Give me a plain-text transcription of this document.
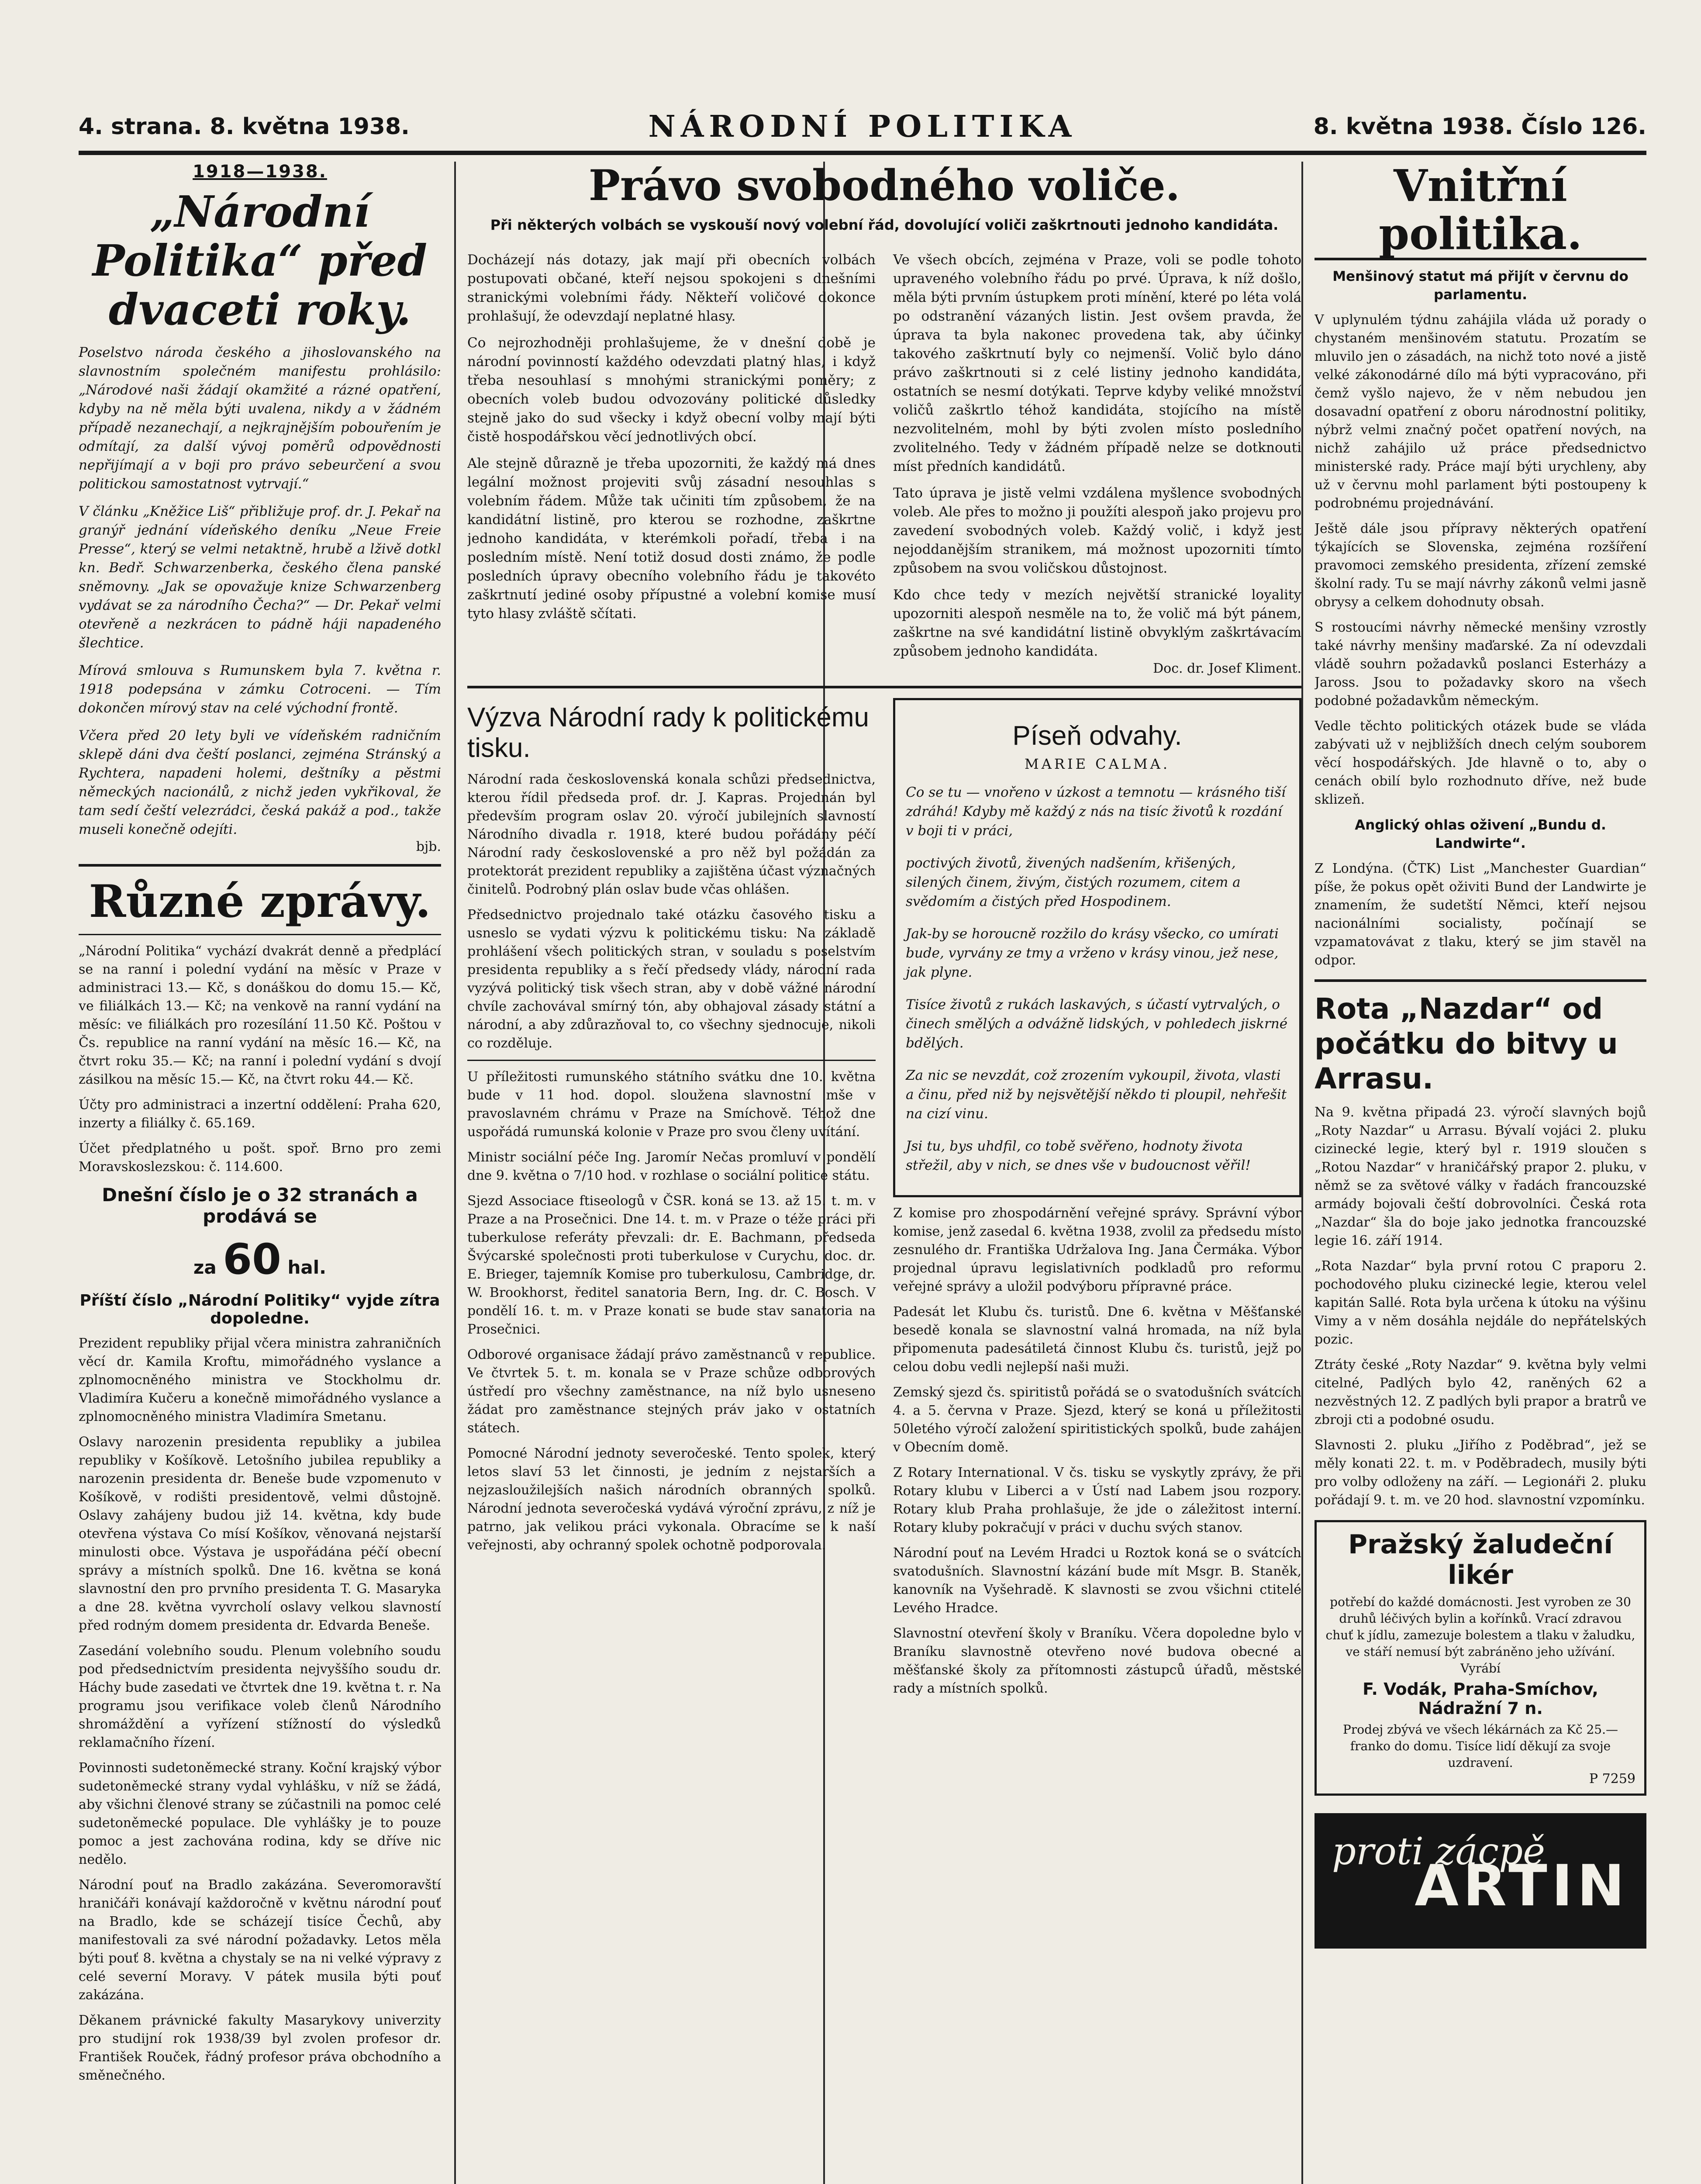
4. strana. 8. května 1938.	NÁRODNÍ POLITIKA	8. května 1938. Číslo 126.
1918—1938.
„Národní Politika“ před dvaceti roky.
Poselstvo národa českého a jihoslovanského na slavnostním společném manifestu prohlásilo: „Národové naši žádají okamžité a rázné opatření, kdyby na ně měla býti uvalena, nikdy a v žádném případě nezanechají, a nejkrajnějším pobouřením je odmítají, za další vývoj poměrů odpovědnosti nepřijímají a v boji pro právo sebeurčení a svou politickou samostatnost vytrvají.“
V článku „Kněžice Liš“ přibližuje prof. dr. J. Pekař na granýř jednání vídeňského deníku „Neue Freie Presse“, který se velmi netaktně, hrubě a lživě dotkl kn. Bedř. Schwarzenberka, českého člena panské sněmovny. „Jak se opovažuje knize Schwarzenberg vydávat se za národního Čecha?“ — Dr. Pekař velmi otevřeně a nezkrácen to pádně háji napadeného šlechtice.
Mírová smlouva s Rumunskem byla 7. května r. 1918 podepsána v zámku Cotroceni. — Tím dokončen mírový stav na celé východní frontě.
Včera před 20 lety byli ve vídeňském radničním sklepě dáni dva čeští poslanci, zejména Stránský a Rychtera, napadeni holemi, deštníky a pěstmi německých nacionálů, z nichž jeden vykřikoval, že tam sedí čeští velezrádci, česká pakáž a pod., takže museli konečně odejíti.
bjb.
Různé zprávy.
„Národní Politika“ vychází dvakrát denně a předplácí se na ranní i polední vydání na měsíc v Praze v administraci 13.— Kč, s donáškou do domu 15.— Kč, ve filiálkách 13.— Kč; na venkově na ranní vydání na měsíc: ve filiálkách pro rozesílání 11.50 Kč. Poštou v Čs. republice na ranní vydání na měsíc 16.— Kč, na čtvrt roku 35.— Kč; na ranní i polední vydání s dvojí zásilkou na měsíc 15.— Kč, na čtvrt roku 44.— Kč.
Účty pro administraci a inzertní oddělení: Praha 620, inzerty a filiálky č. 65.169.
Účet předplatného u pošt. spoř. Brno pro zemi Moravskoslezskou: č. 114.600.
Dnešní číslo je o 32 stranách a prodává se
za 60 hal.
Příští číslo „Národní Politiky“ vyjde zítra dopoledne.
Prezident republiky přijal včera ministra zahraničních věcí dr. Kamila Kroftu, mimořádného vyslance a zplnomocněného ministra ve Stockholmu dr. Vladimíra Kučeru a konečně mimořádného vyslance a zplnomocněného ministra Vladimíra Smetanu.
Oslavy narozenin presidenta republiky a jubilea republiky v Košíkově. Letošního jubilea republiky a narozenin presidenta dr. Beneše bude vzpomenuto v Košíkově, v rodišti presidentově, velmi důstojně. Oslavy zahájeny budou již 14. května, kdy bude otevřena výstava Co mísí Košíkov, věnovaná nejstarší minulosti obce. Výstava je uspořádána péčí obecní správy a místních spolků. Dne 16. května se koná slavnostní den pro prvního presidenta T. G. Masaryka a dne 28. května vyvrcholí oslavy velkou slavností před rodným domem presidenta dr. Edvarda Beneše.
Zasedání volebního soudu. Plenum volebního soudu pod předsednictvím presidenta nejvyššího soudu dr. Háchy bude zasedati ve čtvrtek dne 19. května t. r. Na programu jsou verifikace voleb členů Národního shromáždění a vyřízení stížností do výsledků reklamačního řízení.
Povinnosti sudetoněmecké strany. Koční krajský výbor sudetoněmecké strany vydal vyhlášku, v níž se žádá, aby všichni členové strany se zúčastnili na pomoc celé sudetoněmecké populace. Dle vyhlášky je to pouze pomoc a jest zachována rodina, kdy se dříve nic nedělo.
Národní pouť na Bradlo zakázána. Severomoravští hraničáři konávají každoročně v květnu národní pouť na Bradlo, kde se scházejí tisíce Čechů, aby manifestovali za své národní požadavky. Letos měla býti pouť 8. května a chystaly se na ni velké výpravy z celé severní Moravy. V pátek musila býti pouť zakázána.
Děkanem právnické fakulty Masarykovy univerzity pro studijní rok 1938/39 byl zvolen profesor dr. František Rouček, řádný profesor práva obchodního a směnečného.
Právo svobodného voliče.
Při některých volbách se vyskouší nový volební řád, dovolující voliči zaškrtnouti jednoho kandidáta.
Docházejí nás dotazy, jak mají při obecních volbách postupovati občané, kteří nejsou spokojeni s dnešními stranickými volebními řády. Někteří voličové dokonce prohlašují, že odevzdají neplatné hlasy.
Co nejrozhodněji prohlašujeme, že v dnešní době je národní povinností každého odevzdati platný hlas, i když třeba nesouhlasí s mnohými stranickými poměry; z obecních voleb budou odvozovány politické důsledky stejně jako do sud všecky i když obecní volby mají býti čistě hospodářskou věcí jednotlivých obcí.
Ale stejně důrazně je třeba upozorniti, že každý má dnes legální možnost projeviti svůj zásadní nesouhlas s volebním řádem. Může tak učiniti tím způsobem, že na kandidátní listině, pro kterou se rozhodne, zaškrtne jednoho kandidáta, v kterémkoli pořadí, třeba i na posledním místě. Není totiž dosud dosti známo, že podle posledních úpravy obecního volebního řádu je takovéto zaškrtnutí jediné osoby přípustné a volební komise musí tyto hlasy zvláště sčítati.
Ve všech obcích, zejména v Praze, voli se podle tohoto upraveného volebního řádu po prvé. Úprava, k níž došlo, měla býti prvním ústupkem proti mínění, které po léta volá po odstranění vázaných listin. Jest ovšem pravda, že úprava ta byla nakonec provedena tak, aby účinky takového zaškrtnutí byly co nejmenší. Volič bylo dáno právo zaškrtnouti si z celé listiny jednoho kandidáta, ostatních se nesmí dotýkati. Teprve kdyby veliké množství voličů zaškrtlo téhož kandidáta, stojícího na místě nezvolitelném, mohl by býti zvolen místo posledního zvolitelného. Tedy v žádném případě nelze se dotknouti míst předních kandidátů.
Tato úprava je jistě velmi vzdálena myšlence svobodných voleb. Ale přes to možno ji použíti alespoň jako projevu pro zavedení svobodných voleb. Každý volič, i když jest nejoddanějším stranikem, má možnost upozorniti tímto způsobem na svou voličskou důstojnost.
Kdo chce tedy v mezích největší stranické loyality upozorniti alespoň nesměle na to, že volič má být pánem, zaškrtne na své kandidátní listině obvyklým zaškrtávacím způsobem jednoho kandidáta.
Doc. dr. Josef Kliment.
Výzva Národní rady k politickému tisku.
Národní rada československá konala schůzi předsednictva, kterou řídil předseda prof. dr. J. Kapras. Projednán byl především program oslav 20. výročí jubilejních slavností Národního divadla r. 1918, které budou pořádány péčí Národní rady československé a pro něž byl požádán za protektorát prezident republiky a zajištěna účast význačných činitelů. Podrobný plán oslav bude včas ohlášen.
Předsednictvo projednalo také otázku časového tisku a usneslo se vydati výzvu k politickému tisku: Na základě prohlášení všech politických stran, v souladu s poselstvím presidenta republiky a s řečí předsedy vlády, národní rada vyzývá politický tisk všech stran, aby v době vážné národní chvíle zachovával smírný tón, aby obhajoval zásady státní a národní, a aby zdůrazňoval to, co všechny sjednocuje, nikoli co rozděluje.
U příležitosti rumunského státního svátku dne 10. května bude v 11 hod. dopol. sloužena slavnostní mše v pravoslavném chrámu v Praze na Smíchově. Téhož dne uspořádá rumunská kolonie v Praze pro svou členy uvítání.
Ministr sociální péče Ing. Jaromír Nečas promluví v pondělí dne 9. května o 7/10 hod. v rozhlase o sociální politice státu.
Sjezd Associace ftiseologů v ČSR. koná se 13. až 15. t. m. v Praze a na Prosečnici. Dne 14. t. m. v Praze o téže práci při tuberkulose referáty převzali: dr. E. Bachmann, předseda Švýcarské společnosti proti tuberkulose v Curychu, doc. dr. E. Brieger, tajemník Komise pro tuberkulosu, Cambridge, dr. W. Brookhorst, ředitel sanatoria Bern, Ing. dr. C. Bosch. V pondělí 16. t. m. v Praze konati se bude stav sanatoria na Prosečnici.
Odborové organisace žádají právo zaměstnanců v republice. Ve čtvrtek 5. t. m. konala se v Praze schůze odborových ústředí pro všechny zaměstnance, na níž bylo usneseno žádat pro zaměstnance stejných práv jako v ostatních státech.
Pomocné Národní jednoty severočeské. Tento spolek, který letos slaví 53 let činnosti, je jedním z nejstarších a nejzasloužilejších našich národních obranných spolků. Národní jednota severočeská vydává výroční zprávu, z níž je patrno, jak velikou práci vykonala. Obracíme se k naší veřejnosti, aby ochranný spolek ochotně podporovala.
Píseň odvahy.
MARIE CALMA.

Co se tu — vnořeno v úzkost a temnotu — krásného tiší zdráhá! Kdyby mě každý z nás na tisíc životů k rozdání v boji ti v práci,

poctivých životů, živených nadšením, křišených, silených činem, živým, čistých rozumem, citem a svědomím a čistých před Hospodinem.

Jak-by se horoucně rozžilo do krásy všecko, co umírati bude, vyrvány ze tmy a vrženo v krásy vinou, jež nese, jak plyne.

Tisíce životů z rukách laskavých, s účastí vytrvalých, o činech smělých a odvážně lidských, v pohledech jiskrné bdělých.

Za nic se nevzdát, což zrozením vykoupil, života, vlasti a činu, před niž by nejsvětější někdo ti ploupil, nehřešit na cizí vinu.

Jsi tu, bys uhdfil, co tobě svěřeno, hodnoty života střežil, aby v nich, se dnes vše v budoucnost věřil!

Z komise pro zhospodárnění veřejné správy. Správní výbor komise, jenž zasedal 6. května 1938, zvolil za předsedu místo zesnulého dr. Františka Udržalova Ing. Jana Čermáka. Výbor projednal úpravu legislativních podkladů pro reformu veřejné správy a uložil podvýboru přípravné práce.
Padesát let Klubu čs. turistů. Dne 6. května v Měšťanské besedě konala se slavnostní valná hromada, na níž byla připomenuta padesátiletá činnost Klubu čs. turistů, jejž po celou dobu vedli nejlepší naši muži.
Zemský sjezd čs. spiritistů pořádá se o svatodušních svátcích 4. a 5. června v Praze. Sjezd, který se koná u příležitosti 50letého výročí založení spiritistických spolků, bude zahájen v Obecním domě.
Z Rotary International. V čs. tisku se vyskytly zprávy, že při Rotary klubu v Liberci a v Ústí nad Labem jsou rozpory. Rotary klub Praha prohlašuje, že jde o záležitost interní. Rotary kluby pokračují v práci v duchu svých stanov.
Národní pouť na Levém Hradci u Roztok koná se o svátcích svatodušních. Slavnostní kázání bude mít Msgr. B. Staněk, kanovník na Vyšehradě. K slavnosti se zvou všichni ctitelé Levého Hradce.
Slavnostní otevření školy v Braníku. Včera dopoledne bylo v Braníku slavnostně otevřeno nové budova obecné a měšťanské školy za přítomnosti zástupců úřadů, městské rady a místních spolků.
Vnitřní politika.
Menšinový statut má přijít v červnu do parlamentu.
V uplynulém týdnu zahájila vláda už porady o chystaném menšinovém statutu. Prozatím se mluvilo jen o zásadách, na nichž toto nové a jistě velké zákonodárné dílo má býti vypracováno, při čemž vyšlo najevo, že v něm nebudou jen dosavadní opatření z oboru národnostní politiky, nýbrž velmi značný počet opatření nových, na nichž zahájilo už práce předsednictvo ministerské rady. Práce mají býti urychleny, aby už v červnu mohl parlament býti postoupeny k podrobnému projednávání.
Ještě dále jsou přípravy některých opatření týkajících se Slovenska, zejména rozšíření pravomoci zemského presidenta, zřízení zemské školní rady. Tu se mají návrhy zákonů velmi jasně obrysy a celkem dohodnuty obsah.
S rostoucími návrhy německé menšiny vzrostly také návrhy menšiny maďarské. Za ní odevzdali vládě souhrn požadavků poslanci Esterházy a Jaross. Jsou to požadavky skoro na všech podobné požadavkům německým.
Vedle těchto politických otázek bude se vláda zabývati už v nejbližších dnech celým souborem věcí hospodářských. Jde hlavně o to, aby o cenách obilí bylo rozhodnuto dříve, než bude sklizeň.
Anglický ohlas oživení „Bundu d. Landwirte“.
Z Londýna. (ČTK) List „Manchester Guardian“ píše, že pokus opět oživiti Bund der Landwirte je znamením, že sudetští Němci, kteří nejsou nacionálními socialisty, počínají se vzpamatovávat z tlaku, který se jim stavěl na odpor.
Rota „Nazdar“ od počátku do bitvy u Arrasu.
Na 9. května připadá 23. výročí slavných bojů „Roty Nazdar“ u Arrasu. Bývalí vojáci 2. pluku cizinecké legie, který byl r. 1919 sloučen s „Rotou Nazdar“ v hraničářský prapor 2. pluku, v němž se za světové války v řadách francouzské armády bojovali čeští dobrovolníci. Česká rota „Nazdar“ šla do boje jako jednotka francouzské legie 16. září 1914.
„Rota Nazdar“ byla první rotou C praporu 2. pochodového pluku cizinecké legie, kterou velel kapitán Sallé. Rota byla určena k útoku na výšinu Vimy a v něm dosáhla nejdále do nepřátelských pozic.
Ztráty české „Roty Nazdar“ 9. května byly velmi citelné, Padlých bylo 42, raněných 62 a nezvěstných 12. Z padlých byli prapor a bratrů ve zbroji cti a podobné osudu.
Slavnosti 2. pluku „Jiřího z Poděbrad“, jež se měly konati 22. t. m. v Poděbradech, musily býti pro volby odloženy na září. — Legionáři 2. pluku pořádají 9. t. m. ve 20 hod. slavnostní vzpomínku.
Pražský žaludeční likér
potřebí do každé domácnosti. Jest vyroben ze 30 druhů léčivých bylin a kořínků. Vrací zdravou chuť k jídlu, zamezuje bolestem a tlaku v žaludku, ve stáří nemusí být zabráněno jeho užívání. Vyrábí
F. Vodák, Praha-Smíchov, Nádražní 7 n.
Prodej zbývá ve všech lékárnách za Kč 25.— franko do domu. Tisíce lidí děkují za svoje uzdravení.
P 7259
proti zácpě
ARTIN
